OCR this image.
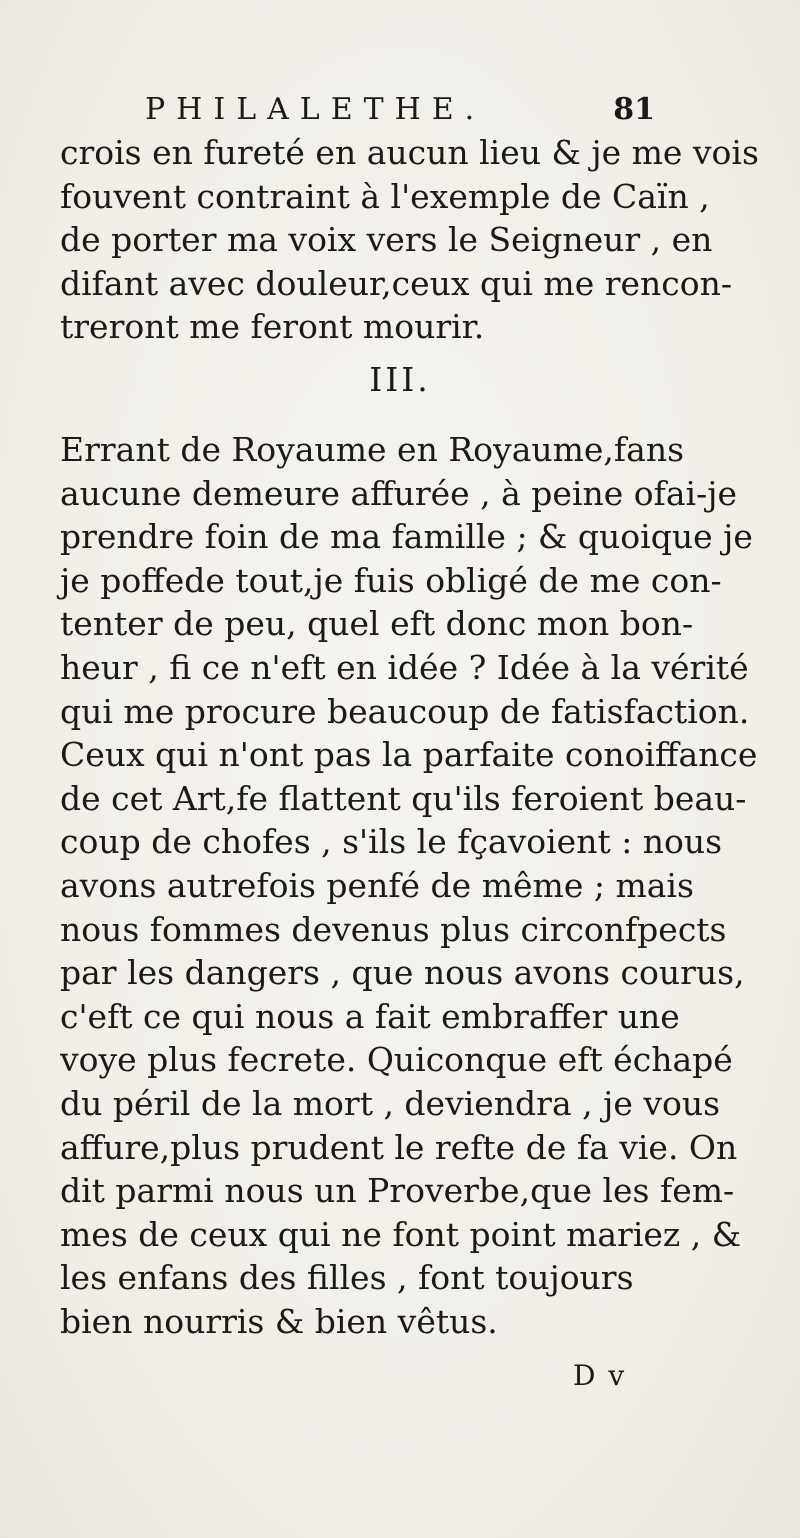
PHILALETHE.	81
crois en fureté en aucun lieu & je me vois
fouvent contraint à l'exemple de Caïn ,
de porter ma voix vers le Seigneur , en
difant avec douleur,ceux qui me rencon-
treront me feront mourir.
III.
Errant de Royaume en Royaume,fans
aucune demeure affurée , à peine ofai-je
prendre foin de ma famille ; & quoique je
je poffede tout,je fuis obligé de me con-
tenter de peu, quel eft donc mon bon-
heur , fi ce n'eft en idée ? Idée à la vérité
qui me procure beaucoup de fatisfaction.
Ceux qui n'ont pas la parfaite conoiffance
de cet Art,fe flattent qu'ils feroient beau-
coup de chofes , s'ils le fçavoient : nous
avons autrefois penfé de même ; mais
nous fommes devenus plus circonfpects
par les dangers , que nous avons courus,
c'eft ce qui nous a fait embraffer une
voye plus fecrete. Quiconque eft échapé
du péril de la mort , deviendra , je vous
affure,plus prudent le refte de fa vie. On
dit parmi nous un Proverbe,que les fem-
mes de ceux qui ne font point mariez , &
les enfans des filles , font toujours
bien nourris & bien vêtus.
D v
